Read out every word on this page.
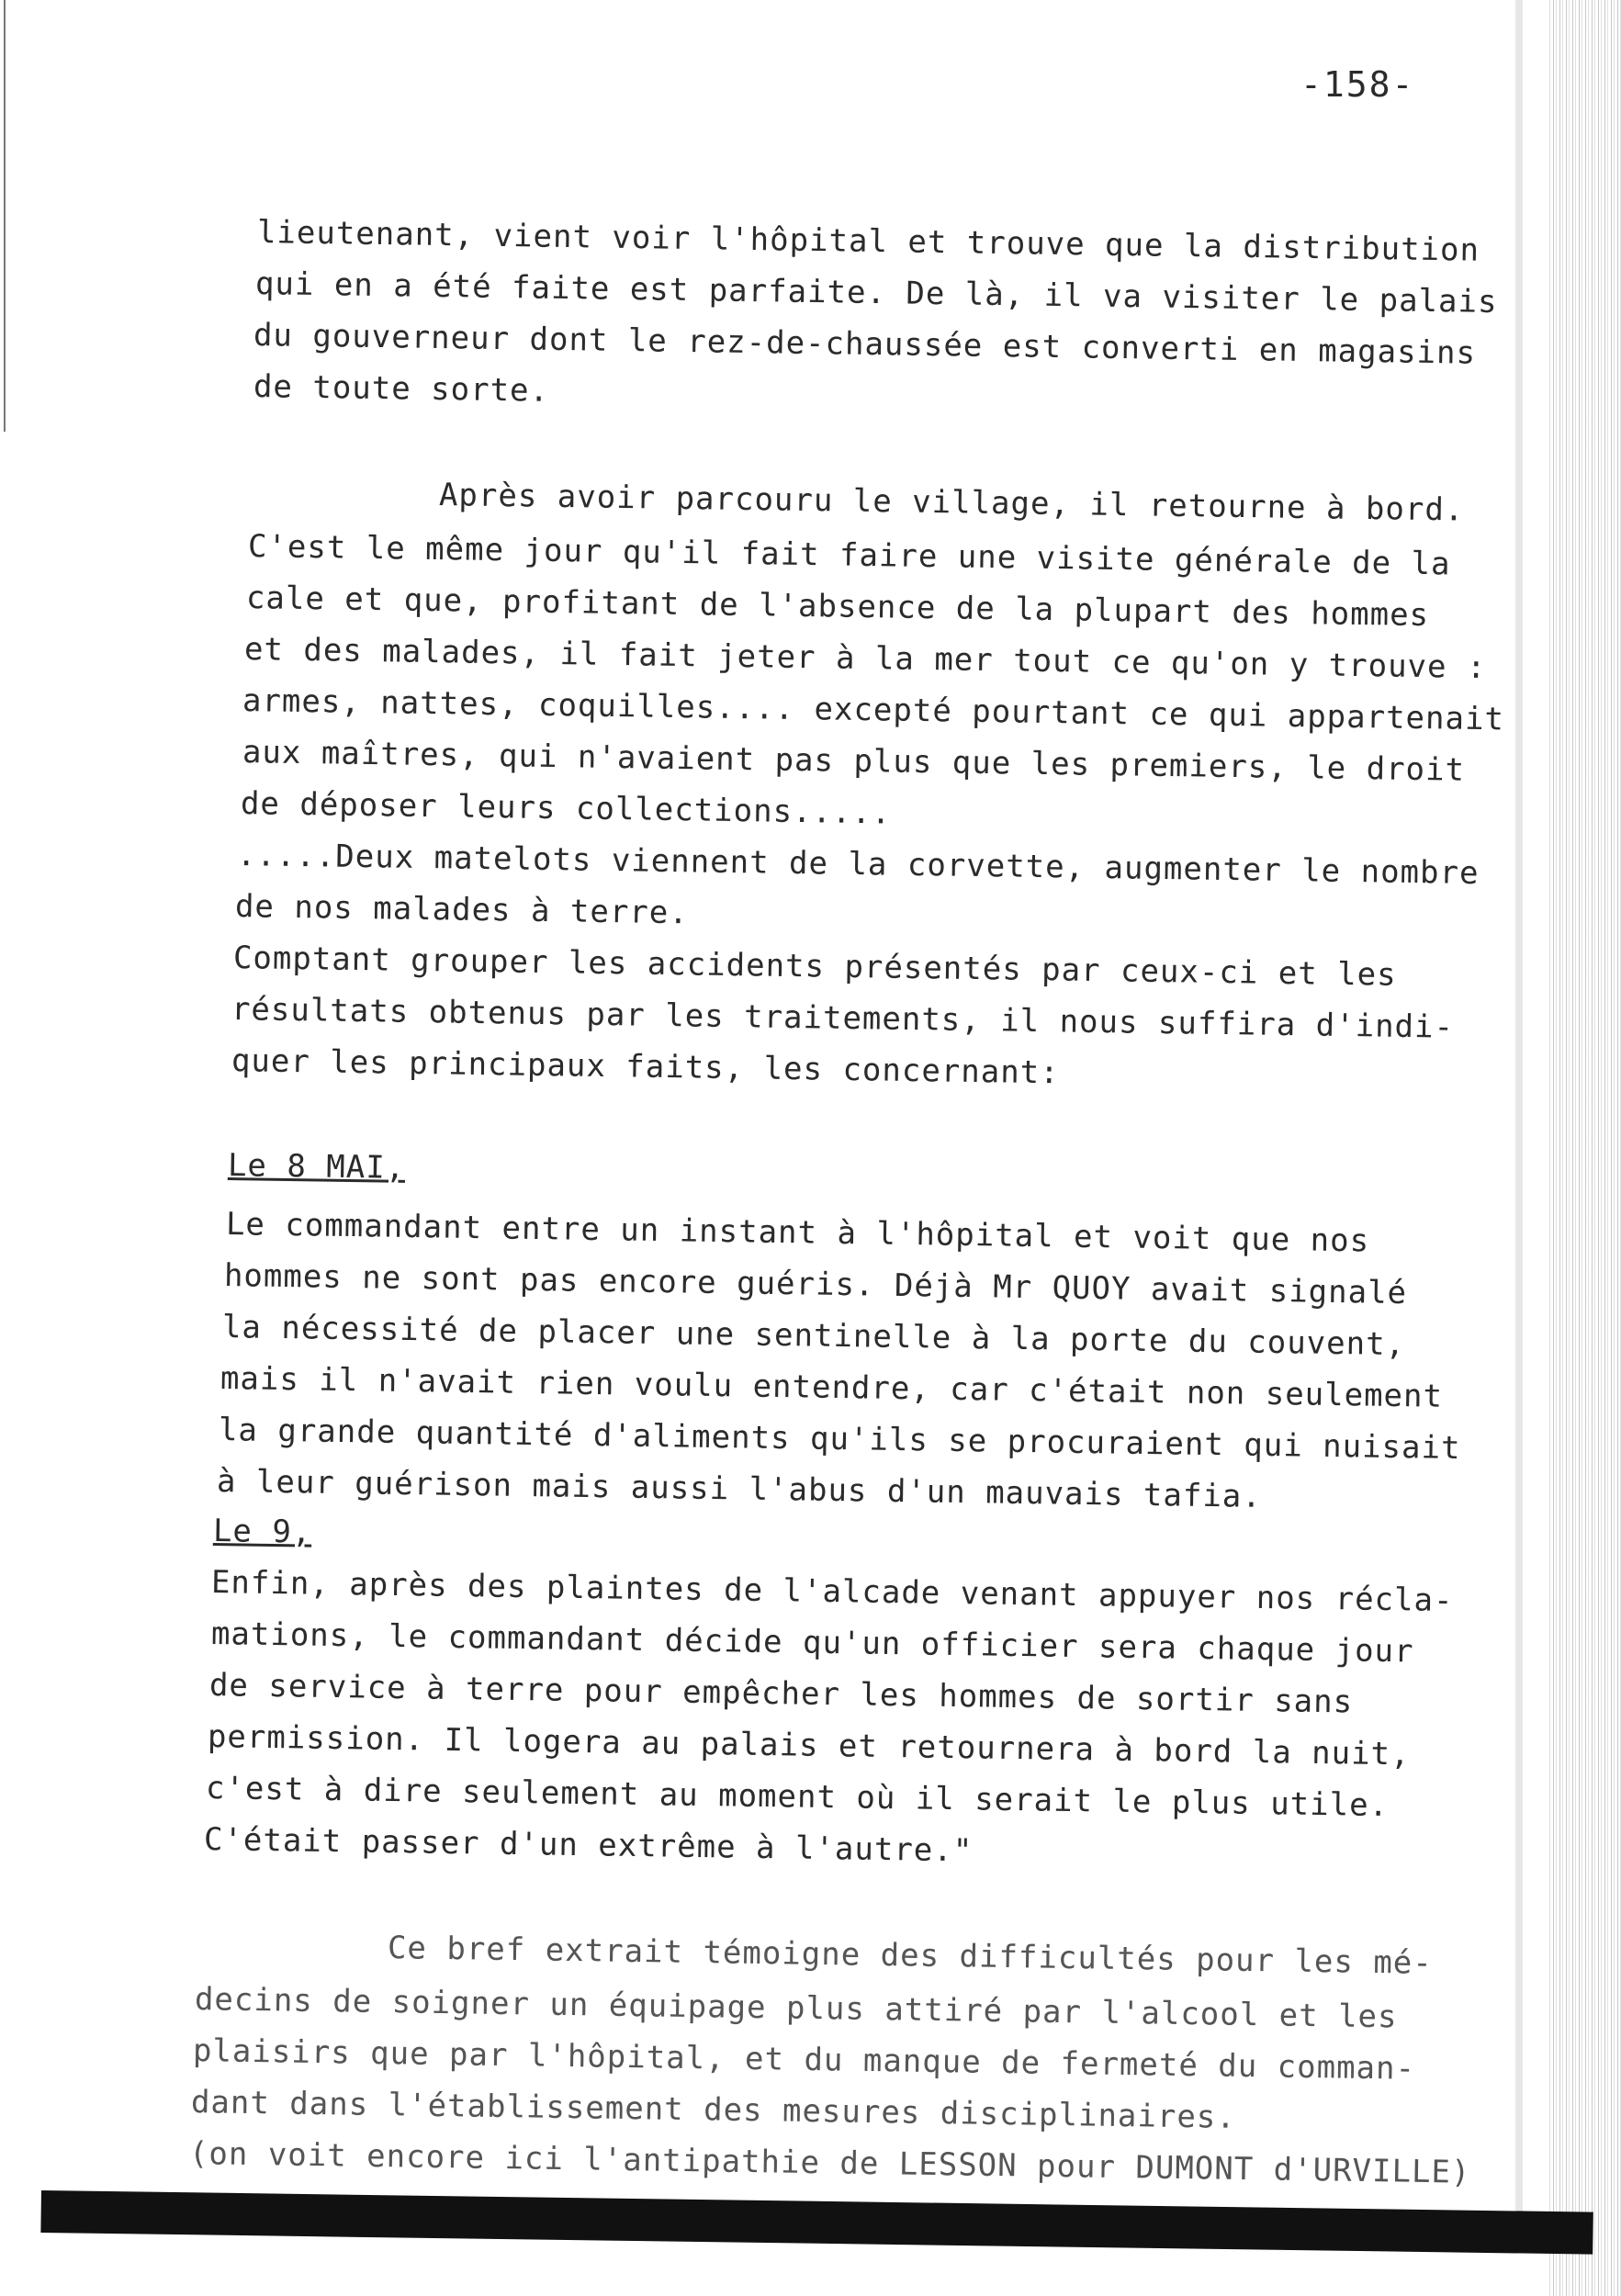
-158-
lieutenant, vient voir l'hôpital et trouve que la distribution
qui en a été faite est parfaite. De là, il va visiter le palais
du gouverneur dont le rez-de-chaussée est converti en magasins
de toute sorte.
Après avoir parcouru le village, il retourne à bord.
C'est le même jour qu'il fait faire une visite générale de la
cale et que, profitant de l'absence de la plupart des hommes
et des malades, il fait jeter à la mer tout ce qu'on y trouve :
armes, nattes, coquilles.... excepté pourtant ce qui appartenait
aux maîtres, qui n'avaient pas plus que les premiers, le droit
de déposer leurs collections.....
.....Deux matelots viennent de la corvette, augmenter le nombre
de nos malades à terre.
Comptant grouper les accidents présentés par ceux-ci et les
résultats obtenus par les traitements, il nous suffira d'indi-
quer les principaux faits, les concernant:
Le 8 MAI,
Le commandant entre un instant à l'hôpital et voit que nos
hommes ne sont pas encore guéris. Déjà Mr QUOY avait signalé
la nécessité de placer une sentinelle à la porte du couvent,
mais il n'avait rien voulu entendre, car c'était non seulement
la grande quantité d'aliments qu'ils se procuraient qui nuisait
à leur guérison mais aussi l'abus d'un mauvais tafia.
Le 9,
Enfin, après des plaintes de l'alcade venant appuyer nos récla-
mations, le commandant décide qu'un officier sera chaque jour
de service à terre pour empêcher les hommes de sortir sans
permission. Il logera au palais et retournera à bord la nuit,
c'est à dire seulement au moment où il serait le plus utile.
C'était passer d'un extrême à l'autre."
Ce bref extrait témoigne des difficultés pour les mé-
decins de soigner un équipage plus attiré par l'alcool et les
plaisirs que par l'hôpital, et du manque de fermeté du comman-
dant dans l'établissement des mesures disciplinaires.
(on voit encore ici l'antipathie de LESSON pour DUMONT d'URVILLE)
